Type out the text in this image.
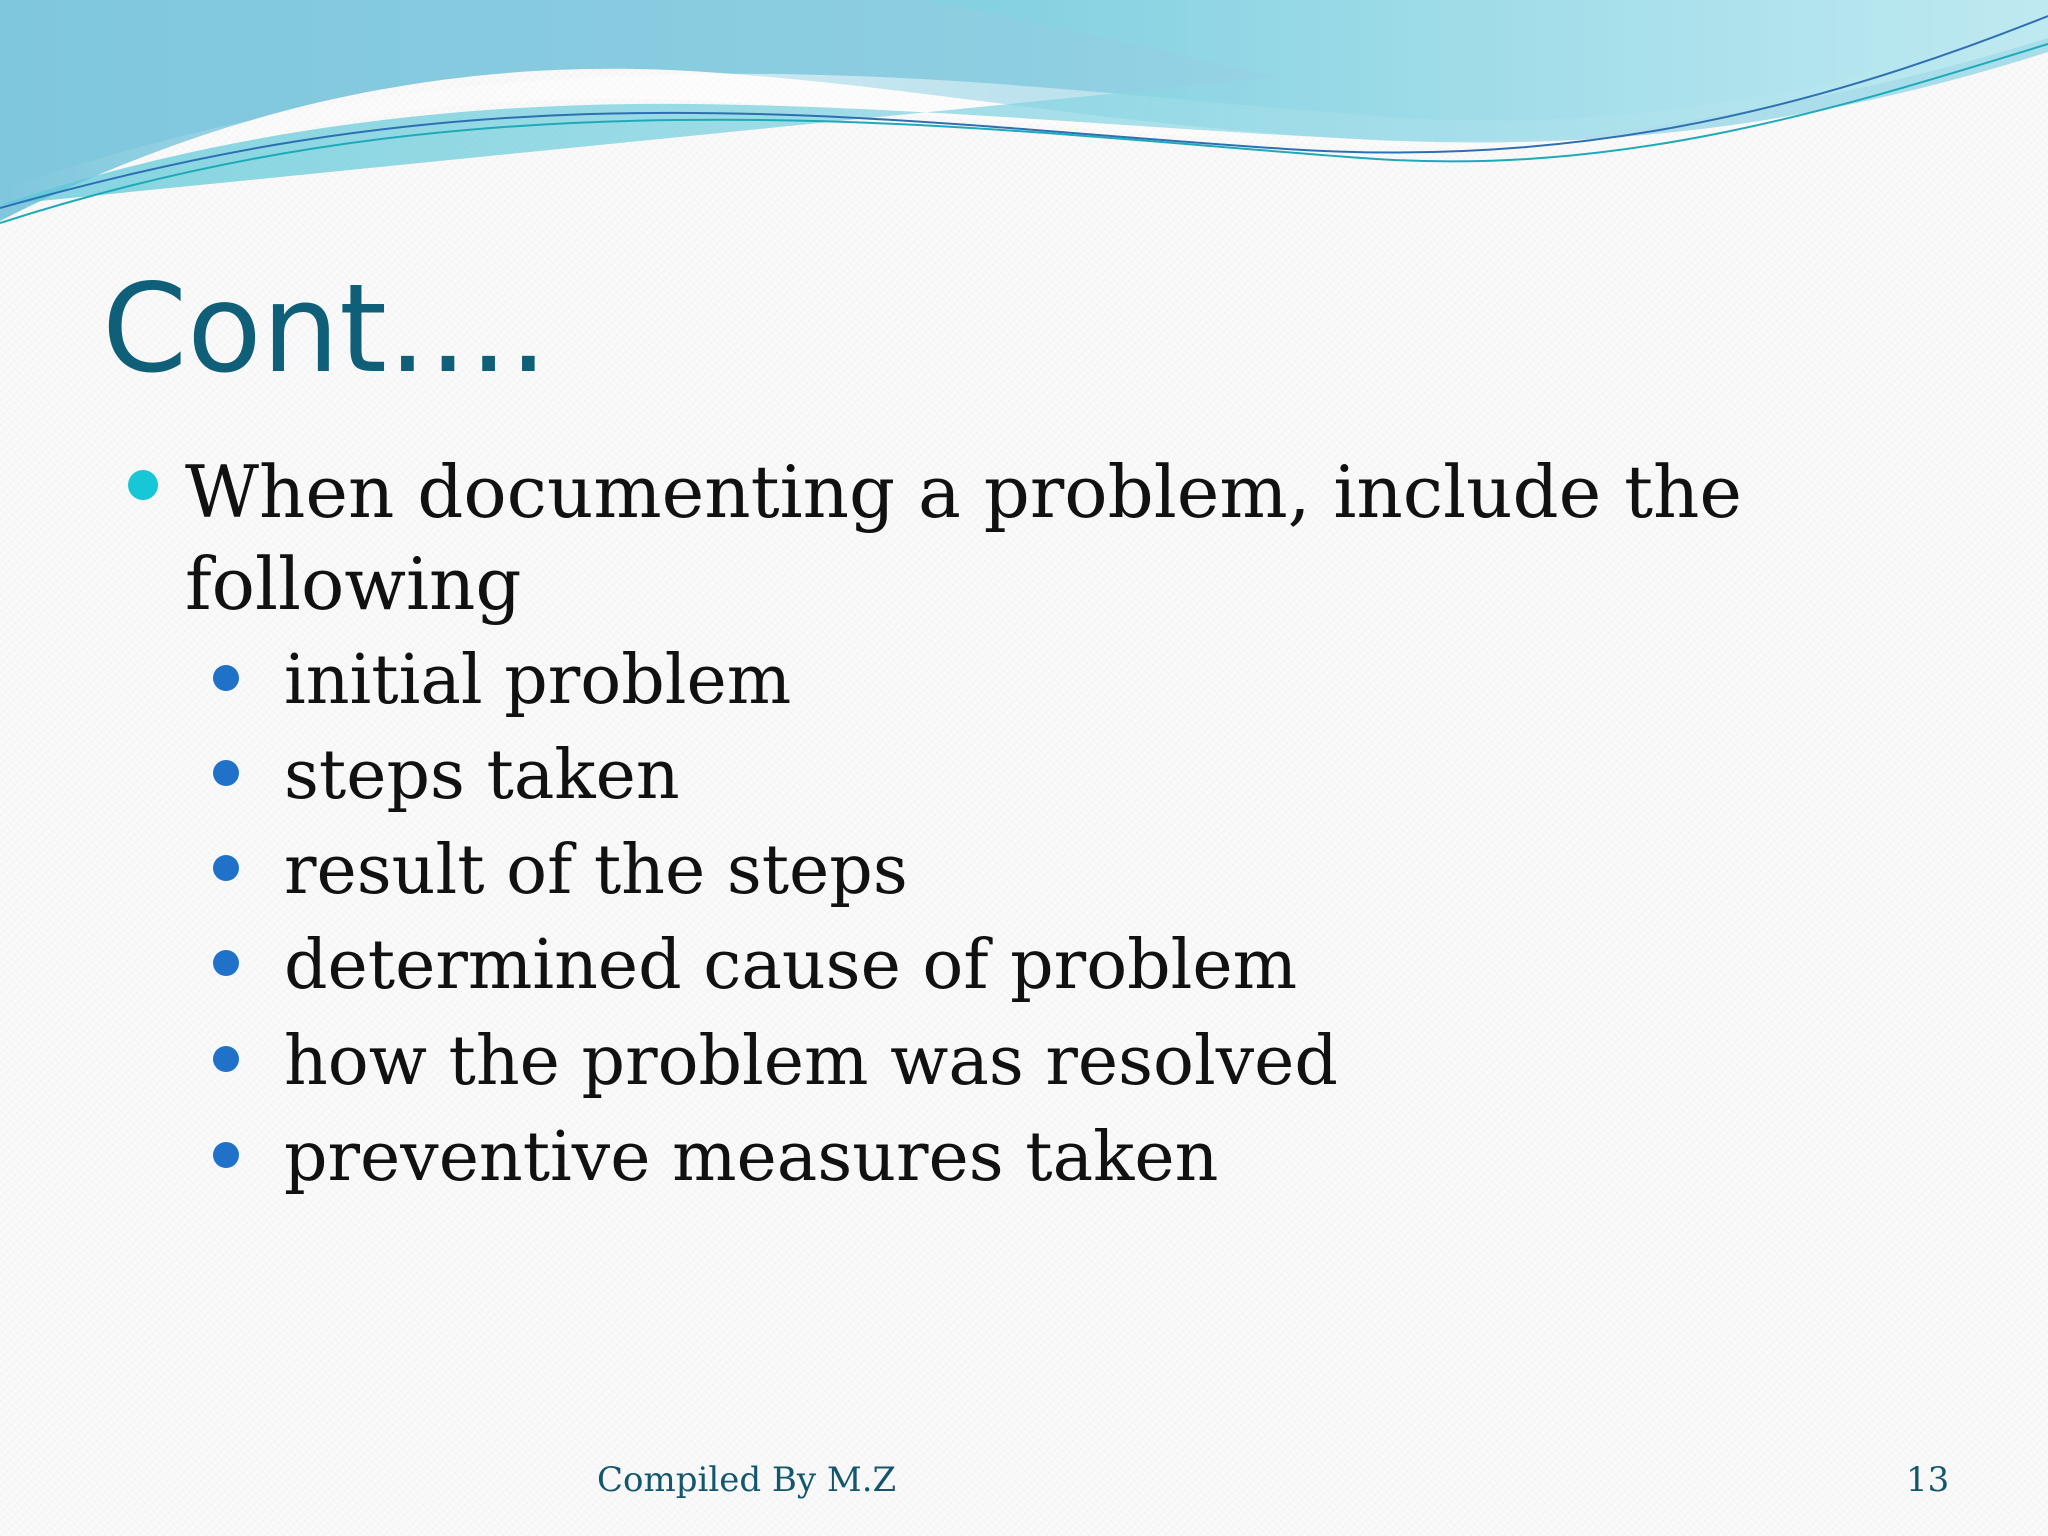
Cont….

When documenting a problem, include the following

initial problem
steps taken
result of the steps
determined cause of problem
how the problem was resolved
preventive measures taken
Compiled By M.Z	13
